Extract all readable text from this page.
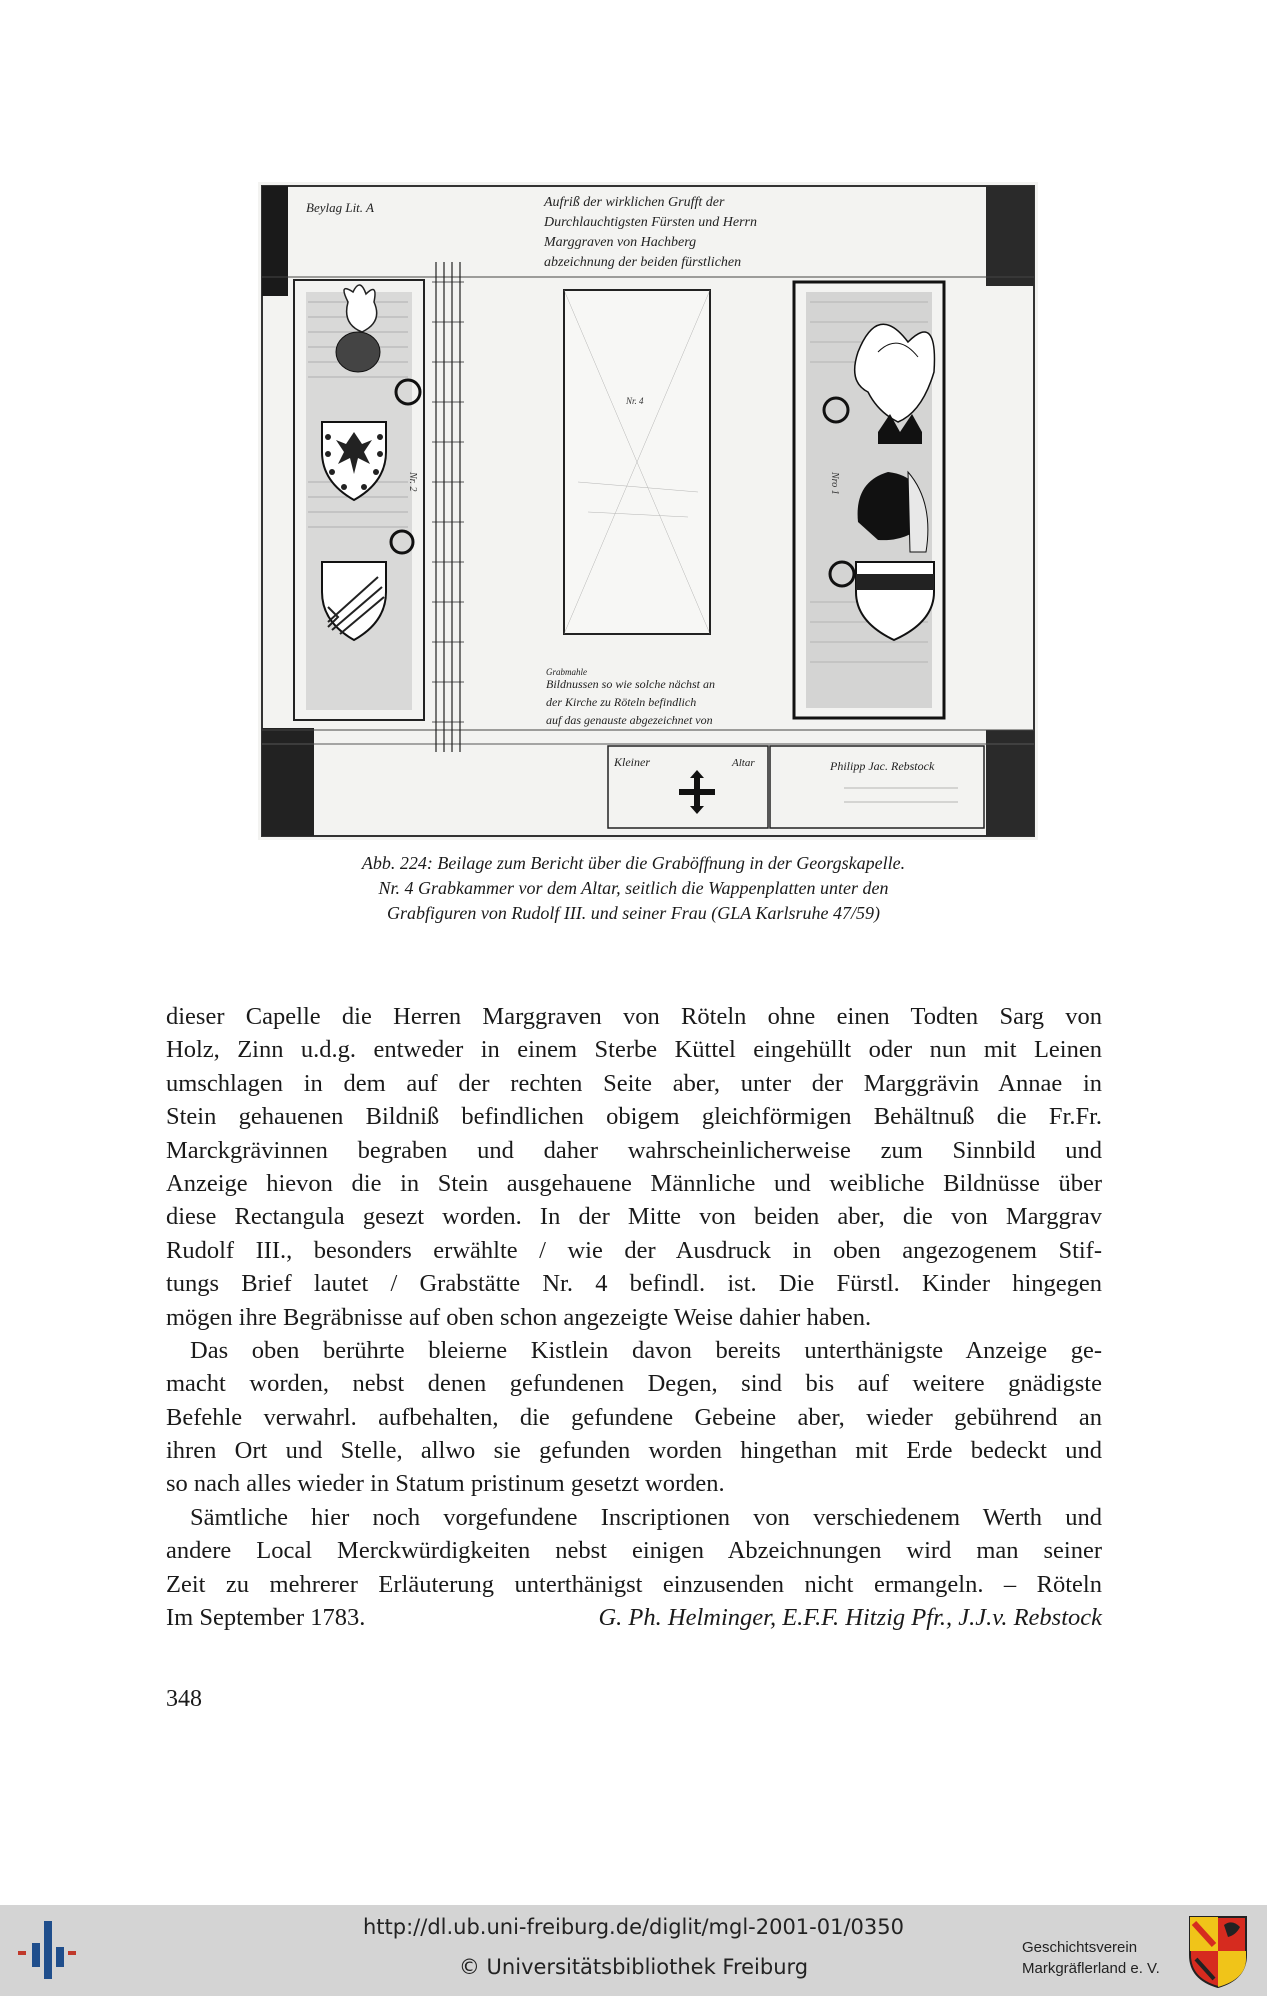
Nr. 2
Nr. 4
Nro 1
Beylag Lit. A	Aufriß der wirklichen Grufft der
Durchlauchtigsten Fürsten und Herrn
Marggraven von Hachberg
abzeichnung der beiden fürstlichen
Grabmahle
Bildnussen so wie solche nächst an
der Kirche zu Röteln befindlich
auf das genauste abgezeichnet von
Kleiner	Altar	Philipp Jac. Rebstock
Abb. 224: Beilage zum Bericht über die Graböffnung in der Georgskapelle.
Nr. 4 Grabkammer vor dem Altar, seitlich die Wappenplatten unter den
Grabfiguren von Rudolf III. und seiner Frau (GLA Karlsruhe 47/59)
dieser Capelle die Herren Marggraven von Röteln ohne einen Todten Sarg von
Holz, Zinn u.d.g. entweder in einem Sterbe Küttel eingehüllt oder nun mit Leinen
umschlagen in dem auf der rechten Seite aber, unter der Marggrävin Annae in
Stein gehauenen Bildniß befindlichen obigem gleichförmigen Behältnuß die Fr.Fr.
Marckgrävinnen begraben und daher wahrscheinlicherweise zum Sinnbild und
Anzeige hievon die in Stein ausgehauene Männliche und weibliche Bildnüsse über
diese Rectangula gesezt worden. In der Mitte von beiden aber, die von Marggrav
Rudolf III., besonders erwählte / wie der Ausdruck in oben angezogenem Stif-
tungs Brief lautet / Grabstätte Nr. 4 befindl. ist. Die Fürstl. Kinder hingegen
mögen ihre Begräbnisse auf oben schon angezeigte Weise dahier haben.
Das oben berührte bleierne Kistlein davon bereits unterthänigste Anzeige ge-
macht worden, nebst denen gefundenen Degen, sind bis auf weitere gnädigste
Befehle verwahrl. aufbehalten, die gefundene Gebeine aber, wieder gebührend an
ihren Ort und Stelle, allwo sie gefunden worden hingethan mit Erde bedeckt und
so nach alles wieder in Statum pristinum gesetzt worden.
Sämtliche hier noch vorgefundene Inscriptionen von verschiedenem Werth und
andere Local Merckwürdigkeiten nebst einigen Abzeichnungen wird man seiner
Zeit zu mehrerer Erläuterung unterthänigst einzusenden nicht ermangeln. – Röteln
Im September 1783.	G. Ph. Helminger, E.F.F. Hitzig Pfr., J.J.v. Rebstock
348
http://dl.ub.uni-freiburg.de/diglit/mgl-2001-01/0350
© Universitätsbibliothek Freiburg
Geschichtsverein
Markgräflerland e. V.
